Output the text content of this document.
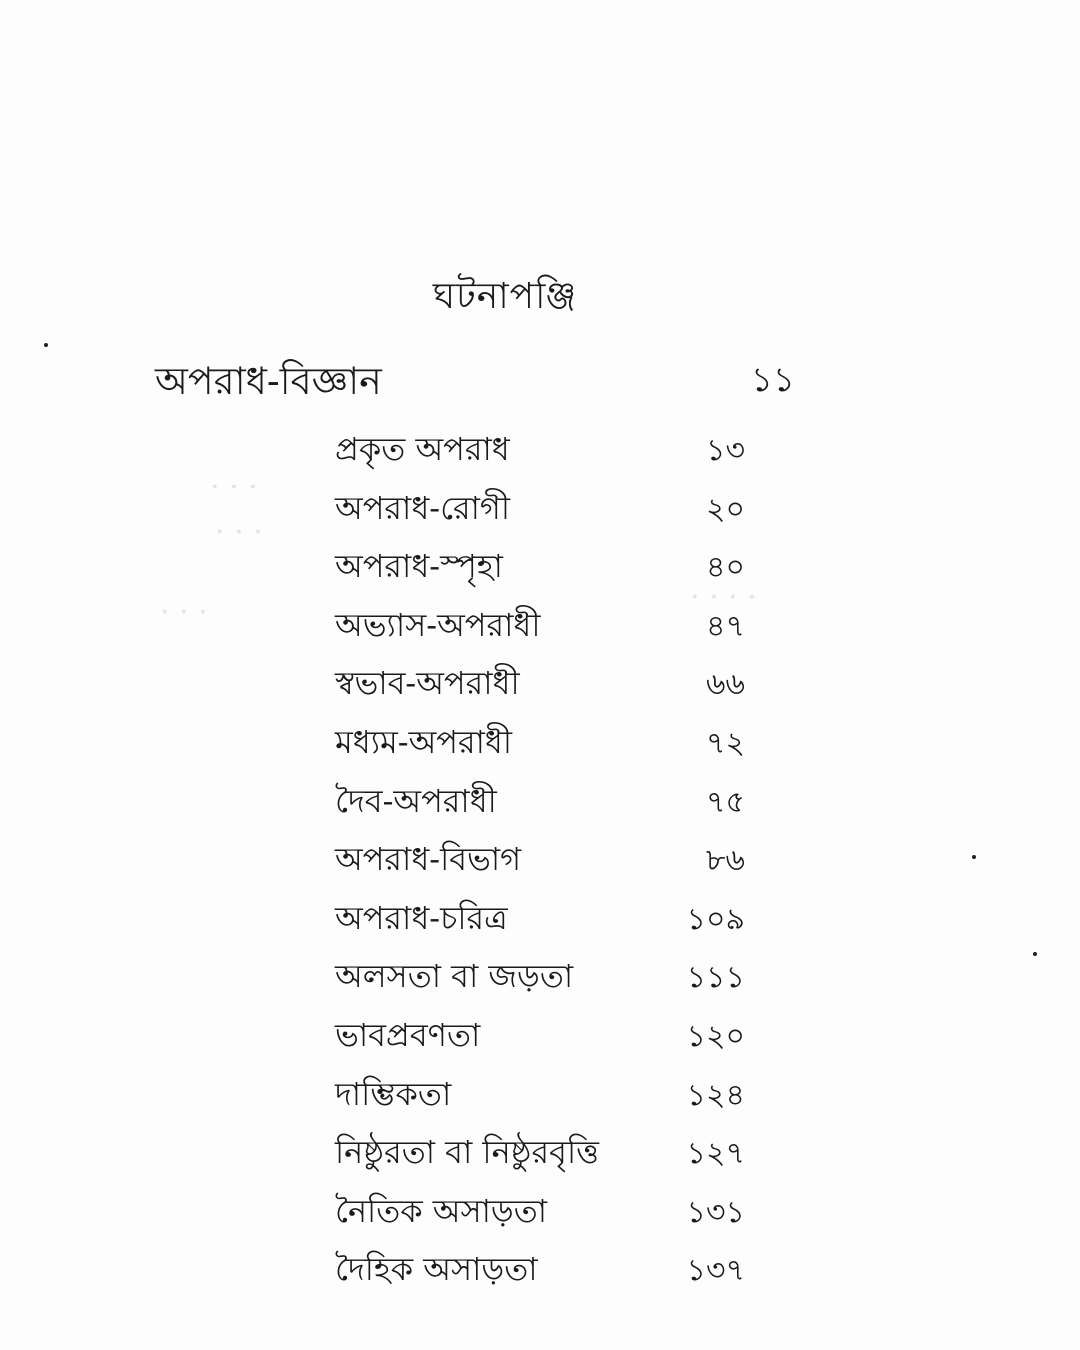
· · ·
· · ·
· · ·	· · · ·
ঘটনাপঞ্জি
অপরাধ-বিজ্ঞান	১১
প্রকৃত অপরাধ	১৩
অপরাধ-রোগী	২০
অপরাধ-স্পৃহা	৪০
অভ্যাস-অপরাধী	৪৭
স্বভাব-অপরাধী	৬৬
মধ্যম-অপরাধী	৭২
দৈব-অপরাধী	৭৫
অপরাধ-বিভাগ	৮৬
অপরাধ-চরিত্র	১০৯
অলসতা বা জড়তা	১১১
ভাবপ্রবণতা	১২০
দাম্ভিকতা	১২৪
নিষ্ঠুরতা বা নিষ্ঠুরবৃত্তি	১২৭
নৈতিক অসাড়তা	১৩১
দৈহিক অসাড়তা	১৩৭
